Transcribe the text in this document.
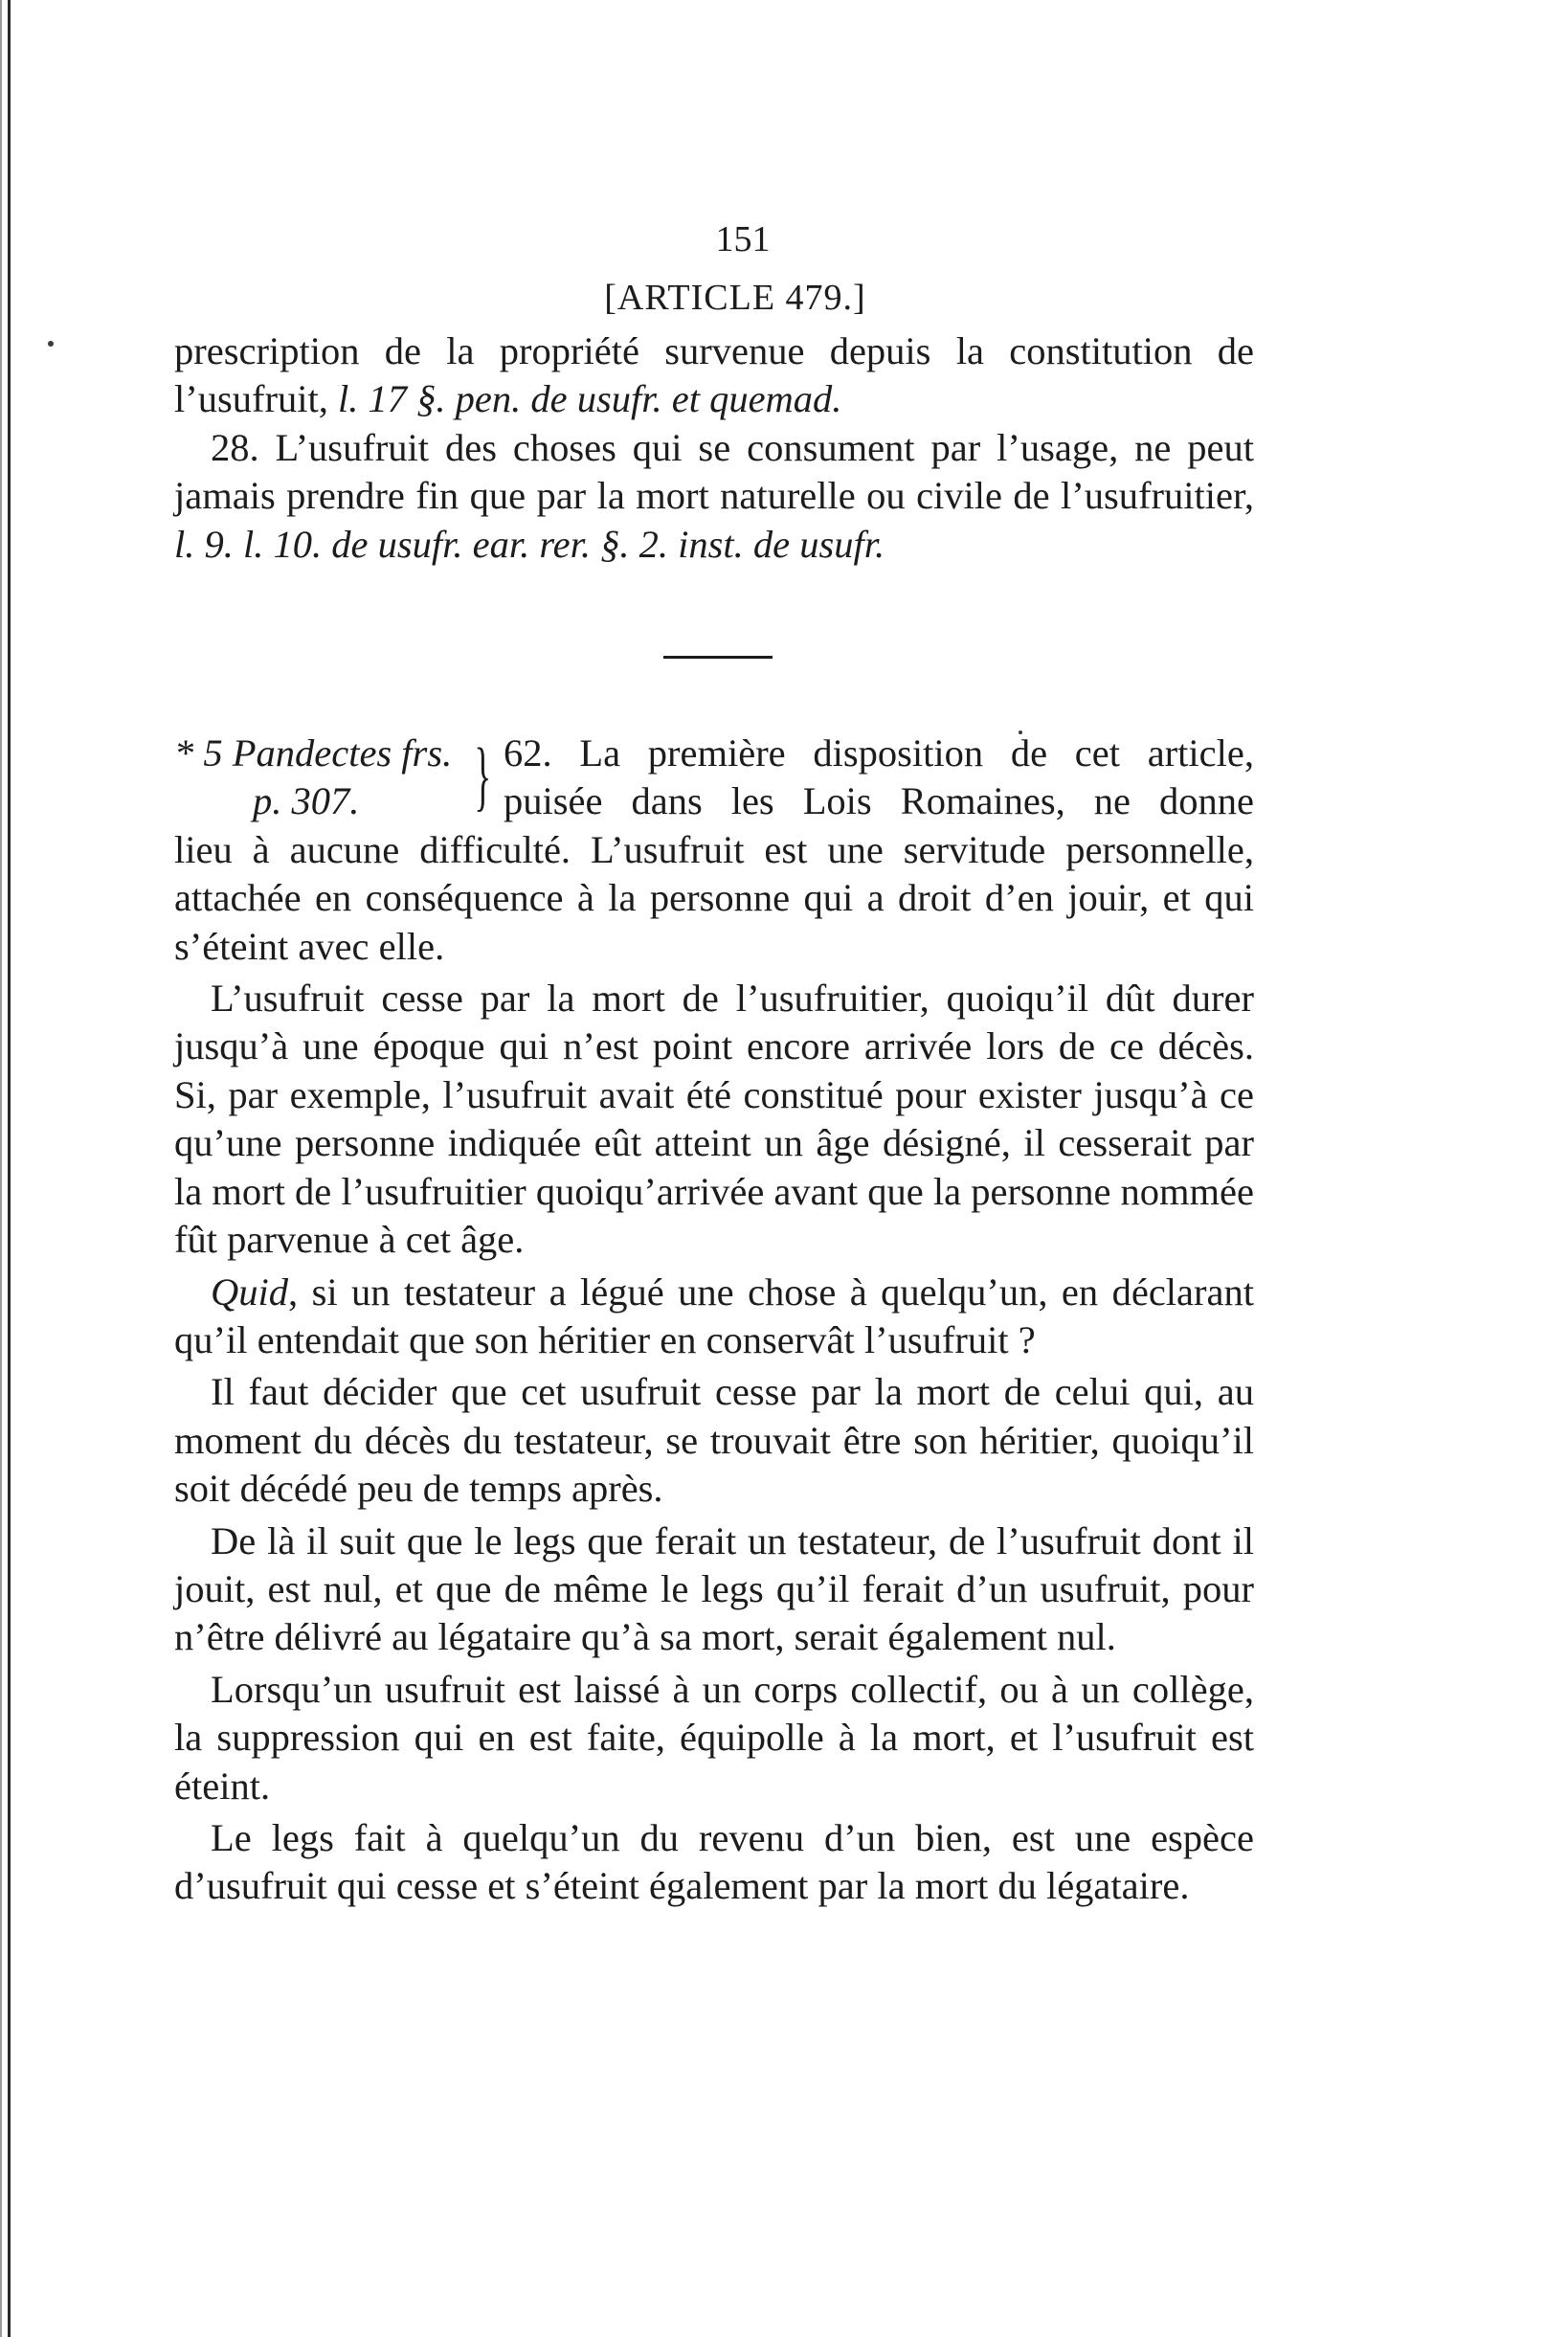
151
[ARTICLE 479.]

prescription de la propriété survenue depuis la constitution de

l’usufruit, l. 17 §. pen. de usufr. et quemad.

28. L’usufruit des choses qui se consument par l’usage, ne peut jamais prendre fin que par la mort naturelle ou civile de l’usufruitier, l. 9. l. 10. de usufr. ear. rer. §. 2. inst. de usufr.

* 5 Pandectes frs.
p. 307.	} 62. La première disposition de cet article,
puisée dans les Lois Romaines, ne donne

lieu à aucune difficulté. L’usufruit est une servitude personnelle, attachée en conséquence à la personne qui a droit d’en jouir, et qui s’éteint avec elle.

L’usufruit cesse par la mort de l’usufruitier, quoiqu’il dût durer jusqu’à une époque qui n’est point encore arrivée lors de ce décès. Si, par exemple, l’usufruit avait été constitué pour exister jusqu’à ce qu’une personne indiquée eût atteint un âge désigné, il cesserait par la mort de l’usufruitier quoiqu’arrivée avant que la personne nommée fût parvenue à cet âge.

Quid, si un testateur a légué une chose à quelqu’un, en déclarant qu’il entendait que son héritier en conservât l’usufruit ?

Il faut décider que cet usufruit cesse par la mort de celui qui, au moment du décès du testateur, se trouvait être son héritier, quoiqu’il soit décédé peu de temps après.

De là il suit que le legs que ferait un testateur, de l’usufruit dont il jouit, est nul, et que de même le legs qu’il ferait d’un usufruit, pour n’être délivré au légataire qu’à sa mort, serait également nul.

Lorsqu’un usufruit est laissé à un corps collectif, ou à un collège, la suppression qui en est faite, équipolle à la mort, et l’usufruit est éteint.

Le legs fait à quelqu’un du revenu d’un bien, est une espèce d’usufruit qui cesse et s’éteint également par la mort du légataire.
